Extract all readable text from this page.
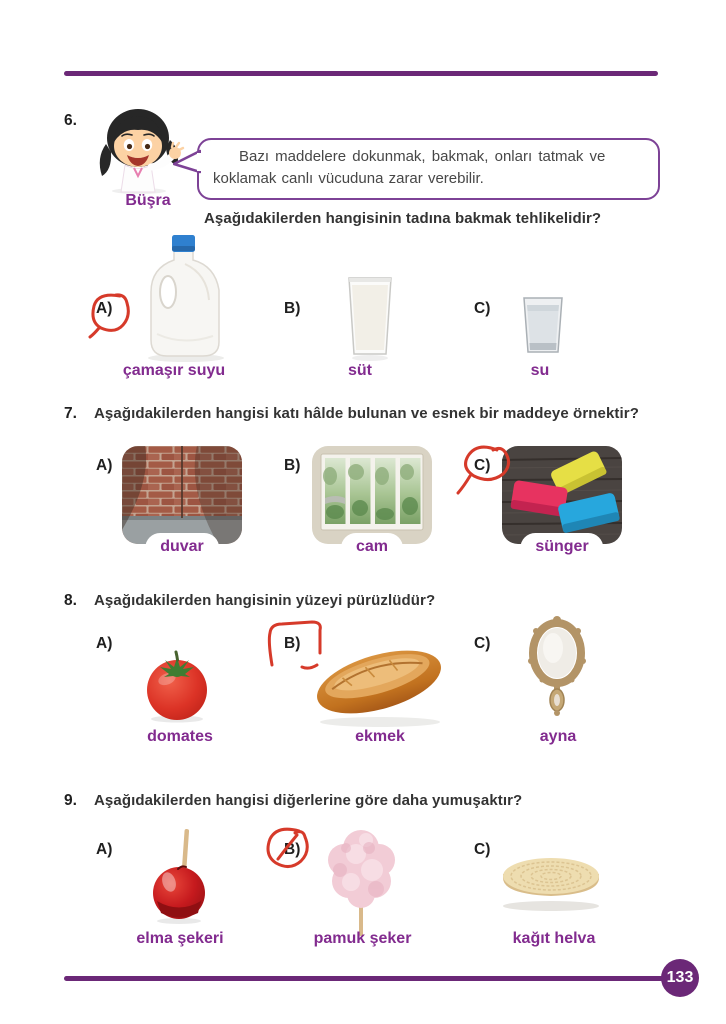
6.
Büşra
Bazı maddelere dokunmak, bakmak, onları tatmak ve
koklamak canlı vücuduna zarar verebilir.
Aşağıdakilerden hangisinin tadına bakmak tehlikelidir?
A)
çamaşır suyu
B)
süt
C)
su
7. Aşağıdakilerden hangisi katı hâlde bulunan ve esnek bir maddeye örnektir?
A)
duvar
B)
cam
C)
sünger
8. Aşağıdakilerden hangisinin yüzeyi pürüzlüdür?
A)
domates
B)
ekmek
C)
ayna
9. Aşağıdakilerden hangisi diğerlerine göre daha yumuşaktır?
A)
elma şekeri
B)
pamuk şeker
C)
kağıt helva
133
